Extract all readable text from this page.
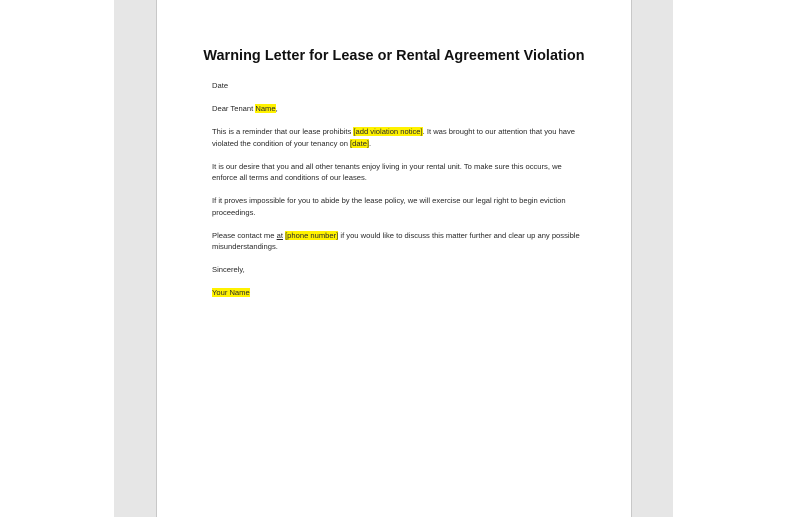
Warning Letter for Lease or Rental Agreement Violation

Date

Dear Tenant Name,

This is a reminder that our lease prohibits [add violation notice]. It was brought to our attention that you have violated the condition of your tenancy on [date].

It is our desire that you and all other tenants enjoy living in your rental unit. To make sure this occurs, we enforce all terms and conditions of our leases.

If it proves impossible for you to abide by the lease policy, we will exercise our legal right to begin eviction proceedings.

Please contact me at [phone number] if you would like to discuss this matter further and clear up any possible misunderstandings.

Sincerely,

Your Name
